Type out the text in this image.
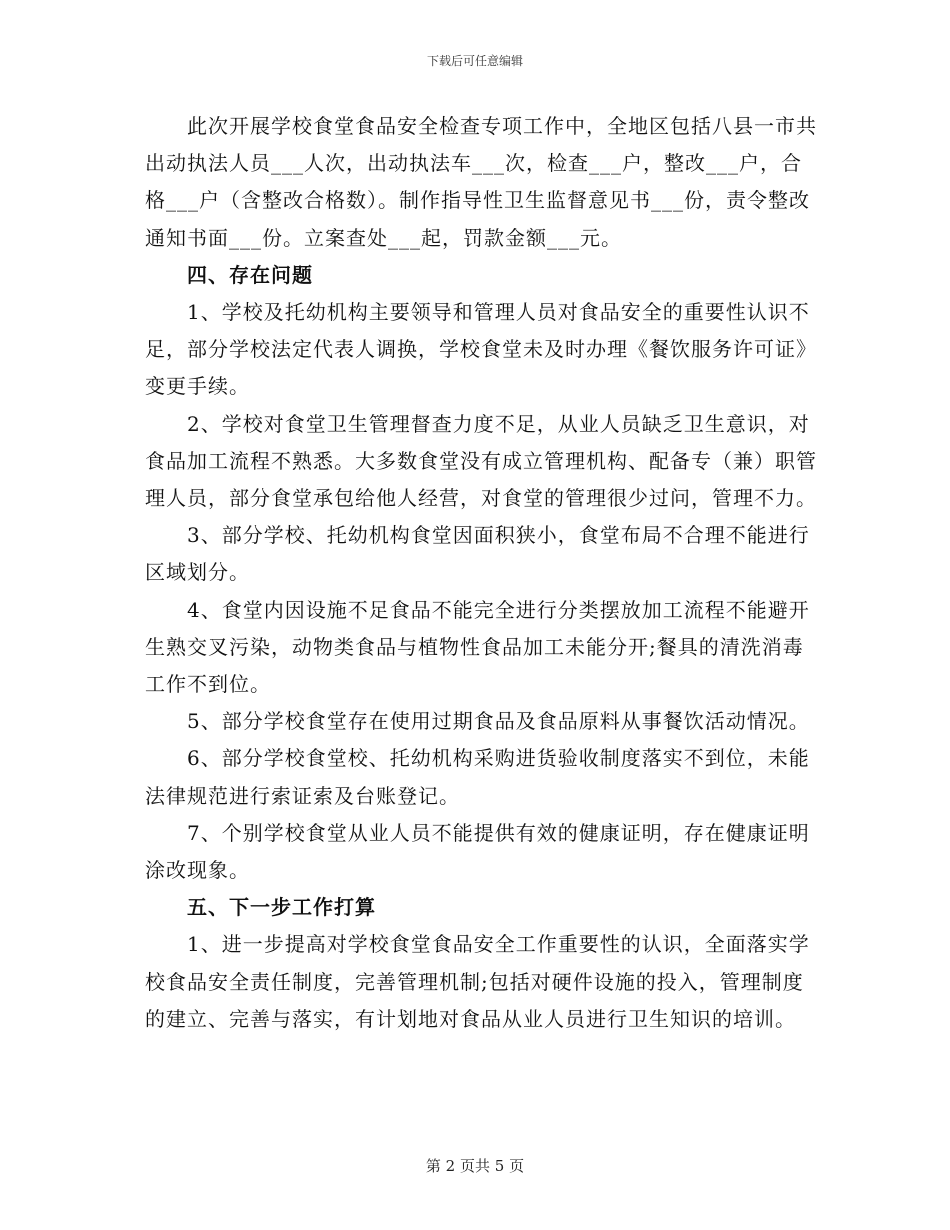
下载后可任意编辑

此次开展学校食堂食品安全检查专项工作中，全地区包括八县一市共出动执法人员___人次，出动执法车___次，检查___户，整改___户，合格___户（含整改合格数）。制作指导性卫生监督意见书___份，责令整改通知书面___份。立案查处___起，罚款金额___元。

四、存在问题

1、学校及托幼机构主要领导和管理人员对食品安全的重要性认识不足，部分学校法定代表人调换，学校食堂未及时办理《餐饮服务许可证》变更手续。

2、学校对食堂卫生管理督查力度不足，从业人员缺乏卫生意识，对食品加工流程不熟悉。大多数食堂没有成立管理机构、配备专（兼）职管理人员，部分食堂承包给他人经营，对食堂的管理很少过问，管理不力。

3、部分学校、托幼机构食堂因面积狭小，食堂布局不合理不能进行区域划分。

4、食堂内因设施不足食品不能完全进行分类摆放加工流程不能避开生熟交叉污染，动物类食品与植物性食品加工未能分开;餐具的清洗消毒工作不到位。

5、部分学校食堂存在使用过期食品及食品原料从事餐饮活动情况。

6、部分学校食堂校、托幼机构采购进货验收制度落实不到位，未能法律规范进行索证索及台账登记。

7、个别学校食堂从业人员不能提供有效的健康证明，存在健康证明涂改现象。

五、下一步工作打算

1、进一步提高对学校食堂食品安全工作重要性的认识，全面落实学校食品安全责任制度，完善管理机制;包括对硬件设施的投入，管理制度的建立、完善与落实，有计划地对食品从业人员进行卫生知识的培训。

第 2 页共 5 页
